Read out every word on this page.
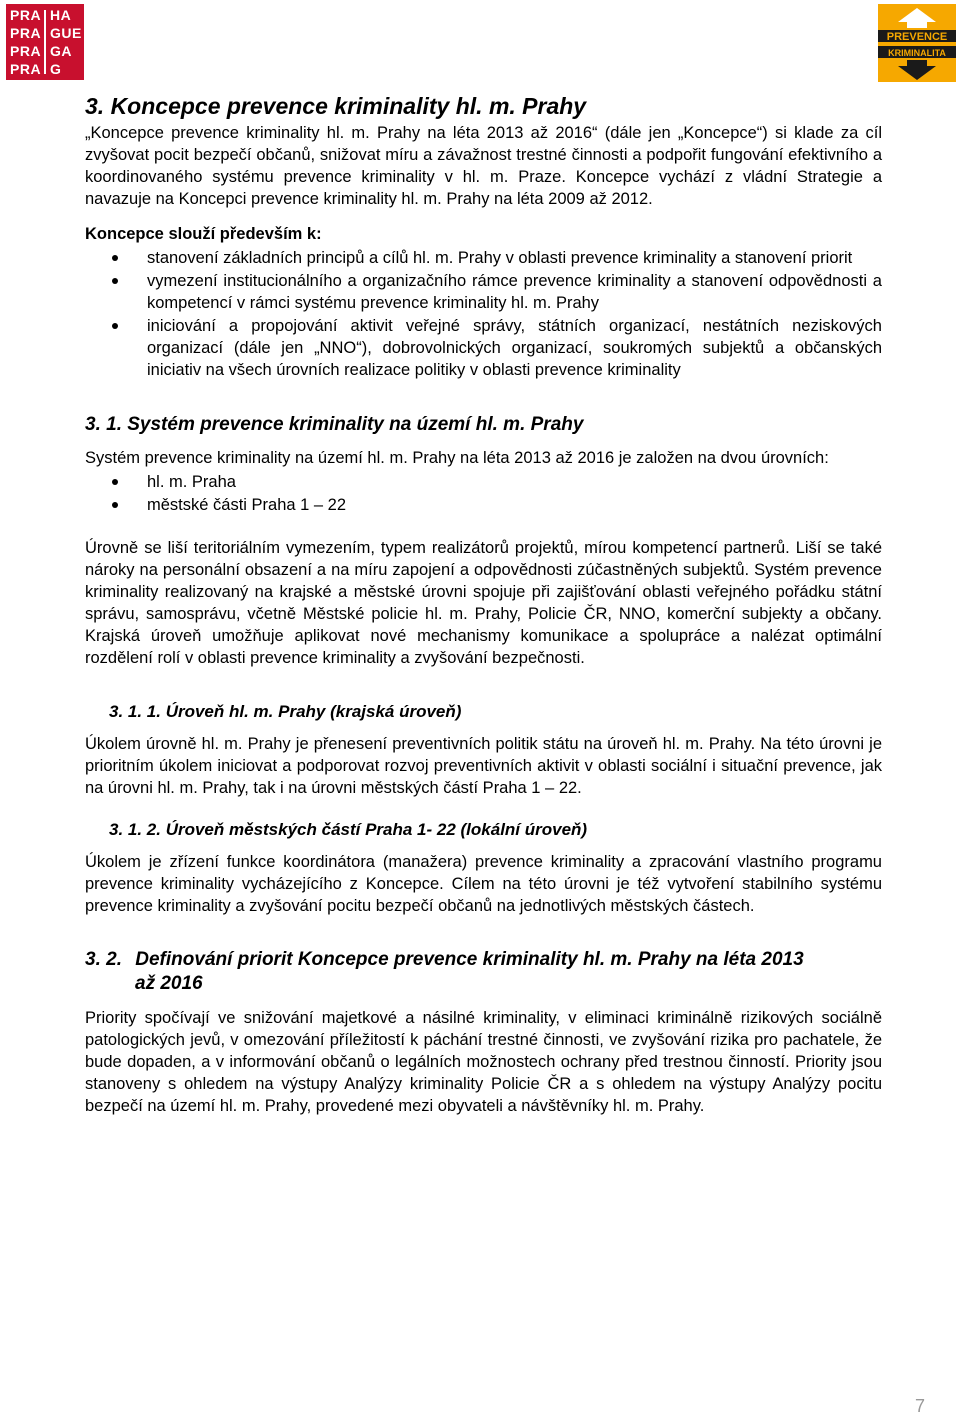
PRA HA
PRA GUE
PRA GA
PRA G
PREVENCE
KRIMINALITA
3. Koncepce prevence kriminality hl. m. Prahy

„Koncepce prevence kriminality hl. m. Prahy na léta 2013 až 2016“ (dále jen „Koncepce“) si klade za cíl zvyšovat pocit bezpečí občanů, snižovat míru a závažnost trestné činnosti a podpořit fungování efektivního a koordinovaného systému prevence kriminality v hl. m. Praze. Koncepce vychází z vládní Strategie a navazuje na Koncepci prevence kriminality hl. m. Prahy na léta 2009 až 2012.

Koncepce slouží především k:
stanovení základních principů a cílů hl. m. Prahy v oblasti prevence kriminality a stanovení priorit
vymezení institucionálního a organizačního rámce prevence kriminality a stanovení odpovědnosti a kompetencí v rámci systému prevence kriminality hl. m. Prahy
iniciování a propojování aktivit veřejné správy, státních organizací, nestátních neziskových organizací (dále jen „NNO“), dobrovolnických organizací, soukromých subjektů a občanských iniciativ na všech úrovních realizace politiky v oblasti prevence kriminality
3. 1. Systém prevence kriminality na území hl. m. Prahy

Systém prevence kriminality na území hl. m. Prahy na léta 2013 až 2016 je založen na dvou úrovních:

hl. m. Praha
městské části Praha 1 – 22

Úrovně se liší teritoriálním vymezením, typem realizátorů projektů, mírou kompetencí partnerů. Liší se také nároky na personální obsazení a na míru zapojení a odpovědnosti zúčastněných subjektů. Systém prevence kriminality realizovaný na krajské a městské úrovni spojuje při zajišťování oblasti veřejného pořádku státní správu, samosprávu, včetně Městské policie hl. m. Prahy, Policie ČR, NNO, komerční subjekty a občany. Krajská úroveň umožňuje aplikovat nové mechanismy komunikace a spolupráce a nalézat optimální rozdělení rolí v oblasti prevence kriminality a zvyšování bezpečnosti.

3. 1. 1. Úroveň hl. m. Prahy (krajská úroveň)

Úkolem úrovně hl. m. Prahy je přenesení preventivních politik státu na úroveň hl. m. Prahy. Na této úrovni je prioritním úkolem iniciovat a podporovat rozvoj preventivních aktivit v oblasti sociální i situační prevence, jak na úrovni hl. m. Prahy, tak i na úrovni městských částí Praha 1 – 22.

3. 1. 2. Úroveň městských částí Praha 1- 22 (lokální úroveň)

Úkolem je zřízení funkce koordinátora (manažera) prevence kriminality a zpracování vlastního programu prevence kriminality vycházejícího z Koncepce. Cílem na této úrovni je též vytvoření stabilního systému prevence kriminality a zvyšování pocitu bezpečí občanů na jednotlivých městských částech.

3. 2. Definování priorit Koncepce prevence kriminality hl. m. Prahy na léta 2013
až 2016

Priority spočívají ve snižování majetkové a násilné kriminality, v eliminaci kriminálně rizikových sociálně patologických jevů, v omezování příležitostí k páchání trestné činnosti, ve zvyšování rizika pro pachatele, že bude dopaden, a v informování občanů o legálních možnostech ochrany před trestnou činností. Priority jsou stanoveny s ohledem na výstupy Analýzy kriminality Policie ČR a s ohledem na výstupy Analýzy pocitu bezpečí na území hl. m. Prahy, provedené mezi obyvateli a návštěvníky hl. m. Prahy.

7
